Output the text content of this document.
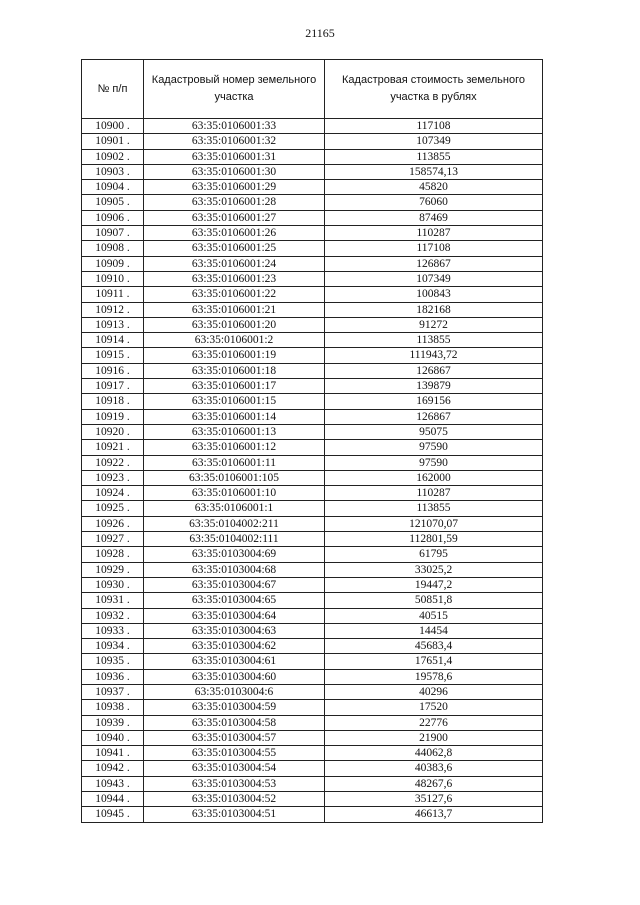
21165
№ п/п	Кадастровый номер земельного участка	Кадастровая стоимость земельного участка в рублях
10900 .	63:35:0106001:33	117108
10901 .	63:35:0106001:32	107349
10902 .	63:35:0106001:31	113855
10903 .	63:35:0106001:30	158574,13
10904 .	63:35:0106001:29	45820
10905 .	63:35:0106001:28	76060
10906 .	63:35:0106001:27	87469
10907 .	63:35:0106001:26	110287
10908 .	63:35:0106001:25	117108
10909 .	63:35:0106001:24	126867
10910 .	63:35:0106001:23	107349
10911 .	63:35:0106001:22	100843
10912 .	63:35:0106001:21	182168
10913 .	63:35:0106001:20	91272
10914 .	63:35:0106001:2	113855
10915 .	63:35:0106001:19	111943,72
10916 .	63:35:0106001:18	126867
10917 .	63:35:0106001:17	139879
10918 .	63:35:0106001:15	169156
10919 .	63:35:0106001:14	126867
10920 .	63:35:0106001:13	95075
10921 .	63:35:0106001:12	97590
10922 .	63:35:0106001:11	97590
10923 .	63:35:0106001:105	162000
10924 .	63:35:0106001:10	110287
10925 .	63:35:0106001:1	113855
10926 .	63:35:0104002:211	121070,07
10927 .	63:35:0104002:111	112801,59
10928 .	63:35:0103004:69	61795
10929 .	63:35:0103004:68	33025,2
10930 .	63:35:0103004:67	19447,2
10931 .	63:35:0103004:65	50851,8
10932 .	63:35:0103004:64	40515
10933 .	63:35:0103004:63	14454
10934 .	63:35:0103004:62	45683,4
10935 .	63:35:0103004:61	17651,4
10936 .	63:35:0103004:60	19578,6
10937 .	63:35:0103004:6	40296
10938 .	63:35:0103004:59	17520
10939 .	63:35:0103004:58	22776
10940 .	63:35:0103004:57	21900
10941 .	63:35:0103004:55	44062,8
10942 .	63:35:0103004:54	40383,6
10943 .	63:35:0103004:53	48267,6
10944 .	63:35:0103004:52	35127,6
10945 .	63:35:0103004:51	46613,7
